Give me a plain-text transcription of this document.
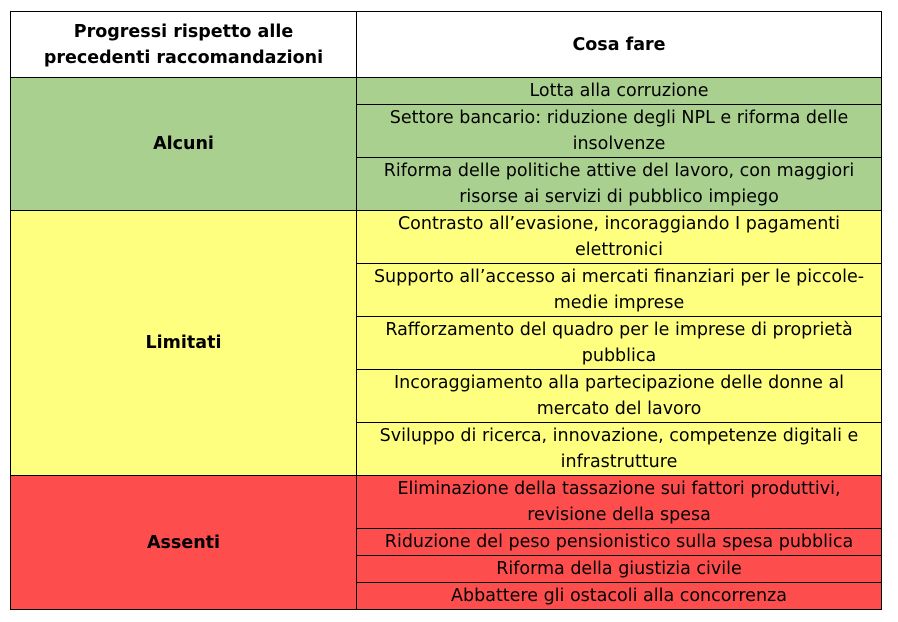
Progressi rispetto alle precedenti raccomandazioni	Cosa fare
Alcuni	Lotta alla corruzione
	Settore bancario: riduzione degli NPL e riforma delle insolvenze
	Riforma delle politiche attive del lavoro, con maggiori risorse ai servizi di pubblico impiego
Limitati	Contrasto all’evasione, incoraggiando I pagamenti elettronici
	Supporto all’accesso ai mercati finanziari per le piccole-medie imprese
	Rafforzamento del quadro per le imprese di proprietà pubblica
	Incoraggiamento alla partecipazione delle donne al mercato del lavoro
	Sviluppo di ricerca, innovazione, competenze digitali e infrastrutture
Assenti	Eliminazione della tassazione sui fattori produttivi, revisione della spesa
	Riduzione del peso pensionistico sulla spesa pubblica
	Riforma della giustizia civile
	Abbattere gli ostacoli alla concorrenza
